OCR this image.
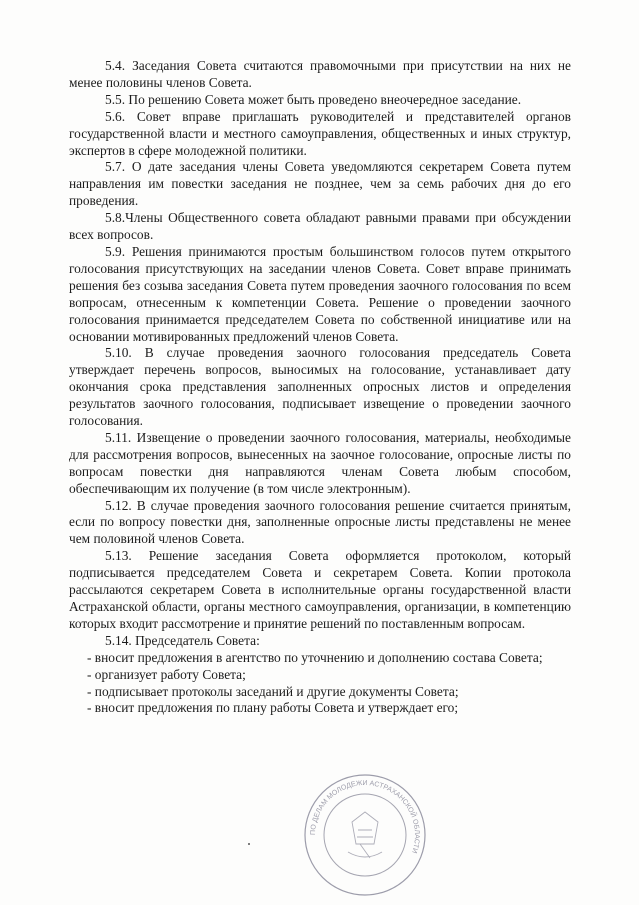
5.4. Заседания Совета считаются правомочными при присутствии на них не менее половины членов Совета.

5.5. По решению Совета может быть проведено внеочередное заседание.

5.6. Совет вправе приглашать руководителей и представителей органов государственной власти и местного самоуправления, общественных и иных структур, экспертов в сфере молодежной политики.

5.7. О дате заседания члены Совета уведомляются секретарем Совета путем направления им повестки заседания не позднее, чем за семь рабочих дня до его проведения.

5.8.Члены Общественного совета обладают равными правами при обсуждении всех вопросов.

5.9. Решения принимаются простым большинством голосов путем открытого голосования присутствующих на заседании членов Совета. Совет вправе принимать решения без созыва заседания Совета путем проведения заочного голосования по всем вопросам, отнесенным к компетенции Совета. Решение о проведении заочного голосования принимается председателем Совета по собственной инициативе или на основании мотивированных предложений членов Совета.

5.10. В случае проведения заочного голосования председатель Совета утверждает перечень вопросов, выносимых на голосование, устанавливает дату окончания срока представления заполненных опросных листов и определения результатов заочного голосования, подписывает извещение о проведении заочного голосования.

5.11. Извещение о проведении заочного голосования, материалы, необходимые для рассмотрения вопросов, вынесенных на заочное голосование, опросные листы по вопросам повестки дня направляются членам Совета любым способом, обеспечивающим их получение (в том числе электронным).

5.12. В случае проведения заочного голосования решение считается принятым, если по вопросу повестки дня, заполненные опросные листы представлены не менее чем половиной членов Совета.

5.13. Решение заседания Совета оформляется протоколом, который подписывается председателем Совета и секретарем Совета. Копии протокола рассылаются секретарем Совета в исполнительные органы государственной власти Астраханской области, органы местного самоуправления, организации, в компетенцию которых входит рассмотрение и принятие решений по поставленным вопросам.

5.14. Председатель Совета:

- вносит предложения в агентство по уточнению и дополнению состава Совета;

- организует работу Совета;

- подписывает протоколы заседаний и другие документы Совета;

- вносит предложения по плану работы Совета и утверждает его;

ПО ДЕЛАМ МОЛОДЕЖИ АСТРАХАНСКОЙ ОБЛАСТИ
